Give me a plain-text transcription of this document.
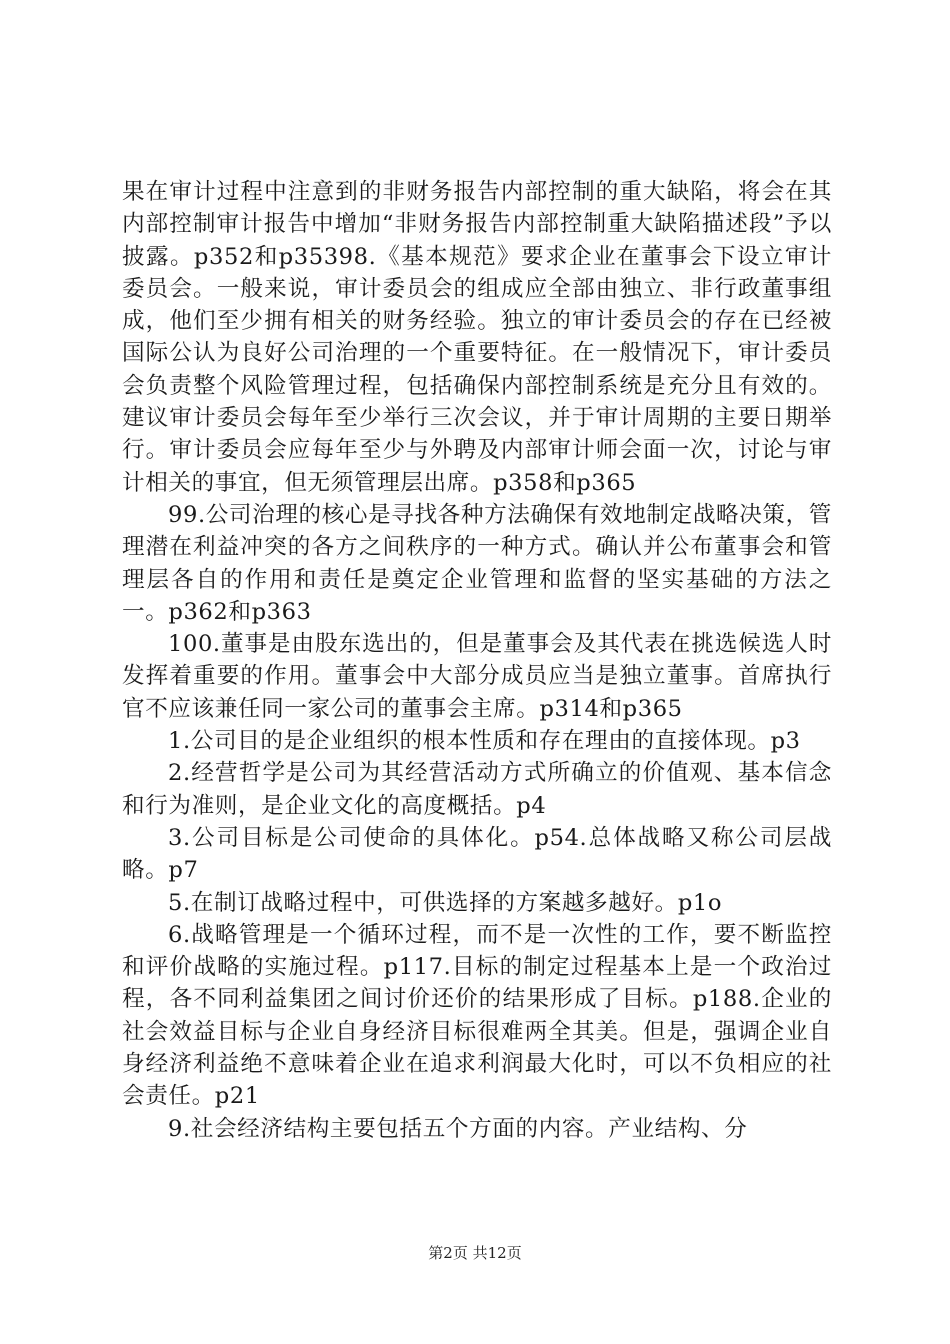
果在审计过程中注意到的非财务报告内部控制的重大缺陷，将会在其内部控制审计报告中增加“非财务报告内部控制重大缺陷描述段”予以披露。p352和p35398.《基本规范》要求企业在董事会下设立审计委员会。一般来说，审计委员会的组成应全部由独立、非行政董事组成，他们至少拥有相关的财务经验。独立的审计委员会的存在已经被国际公认为良好公司治理的一个重要特征。在一般情况下，审计委员会负责整个风险管理过程，包括确保内部控制系统是充分且有效的。建议审计委员会每年至少举行三次会议，并于审计周期的主要日期举行。审计委员会应每年至少与外聘及内部审计师会面一次，讨论与审计相关的事宜，但无须管理层出席。p358和p365

99.公司治理的核心是寻找各种方法确保有效地制定战略决策，管理潜在利益冲突的各方之间秩序的一种方式。确认并公布董事会和管理层各自的作用和责任是奠定企业管理和监督的坚实基础的方法之一。p362和p363

100.董事是由股东选出的，但是董事会及其代表在挑选候选人时发挥着重要的作用。董事会中大部分成员应当是独立董事。首席执行官不应该兼任同一家公司的董事会主席。p314和p365

1.公司目的是企业组织的根本性质和存在理由的直接体现。p3

2.经营哲学是公司为其经营活动方式所确立的价值观、基本信念和行为准则，是企业文化的高度概括。p4

3.公司目标是公司使命的具体化。p54.总体战略又称公司层战略。p7

5.在制订战略过程中，可供选择的方案越多越好。p1o

6.战略管理是一个循环过程，而不是一次性的工作，要不断监控和评价战略的实施过程。p117.目标的制定过程基本上是一个政治过程，各不同利益集团之间讨价还价的结果形成了目标。p188.企业的社会效益目标与企业自身经济目标很难两全其美。但是，强调企业自身经济利益绝不意味着企业在追求利润最大化时，可以不负相应的社会责任。p21

9.社会经济结构主要包括五个方面的内容。产业结构、分

第2页 共12页
